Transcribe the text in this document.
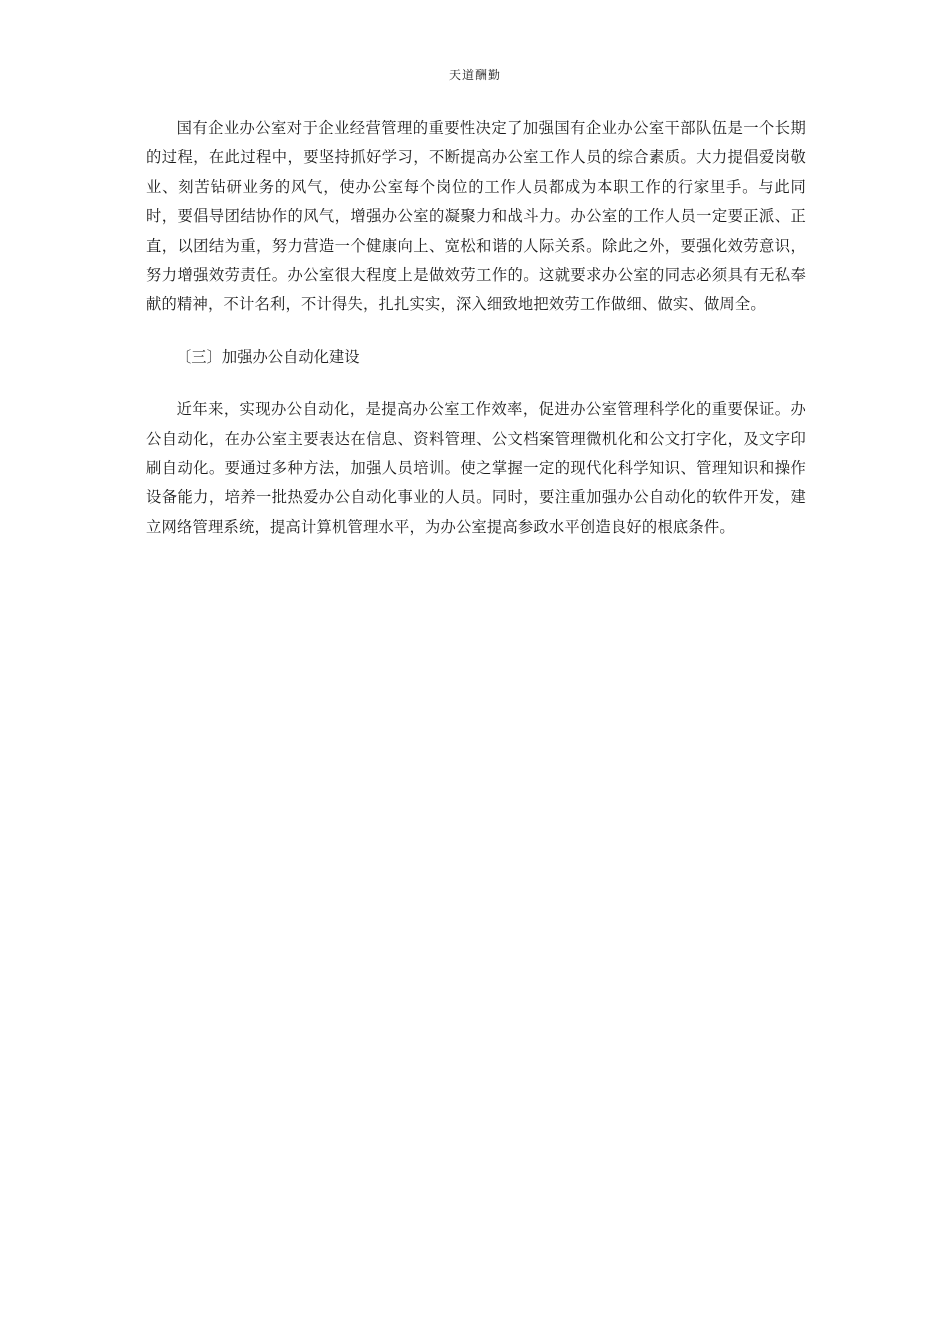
天道酬勤

国有企业办公室对于企业经营管理的重要性决定了加强国有企业办公室干部队伍是一个长期的过程，在此过程中，要坚持抓好学习，不断提高办公室工作人员的综合素质。大力提倡爱岗敬业、刻苦钻研业务的风气，使办公室每个岗位的工作人员都成为本职工作的行家里手。与此同时，要倡导团结协作的风气，增强办公室的凝聚力和战斗力。办公室的工作人员一定要正派、正直，以团结为重，努力营造一个健康向上、宽松和谐的人际关系。除此之外，要强化效劳意识，努力增强效劳责任。办公室很大程度上是做效劳工作的。这就要求办公室的同志必须具有无私奉献的精神，不计名利，不计得失，扎扎实实，深入细致地把效劳工作做细、做实、做周全。

〔三〕加强办公自动化建设

近年来，实现办公自动化，是提高办公室工作效率，促进办公室管理科学化的重要保证。办公自动化，在办公室主要表达在信息、资料管理、公文档案管理微机化和公文打字化，及文字印刷自动化。要通过多种方法，加强人员培训。使之掌握一定的现代化科学知识、管理知识和操作设备能力，培养一批热爱办公自动化事业的人员。同时，要注重加强办公自动化的软件开发，建立网络管理系统，提高计算机管理水平，为办公室提高参政水平创造良好的根底条件。
